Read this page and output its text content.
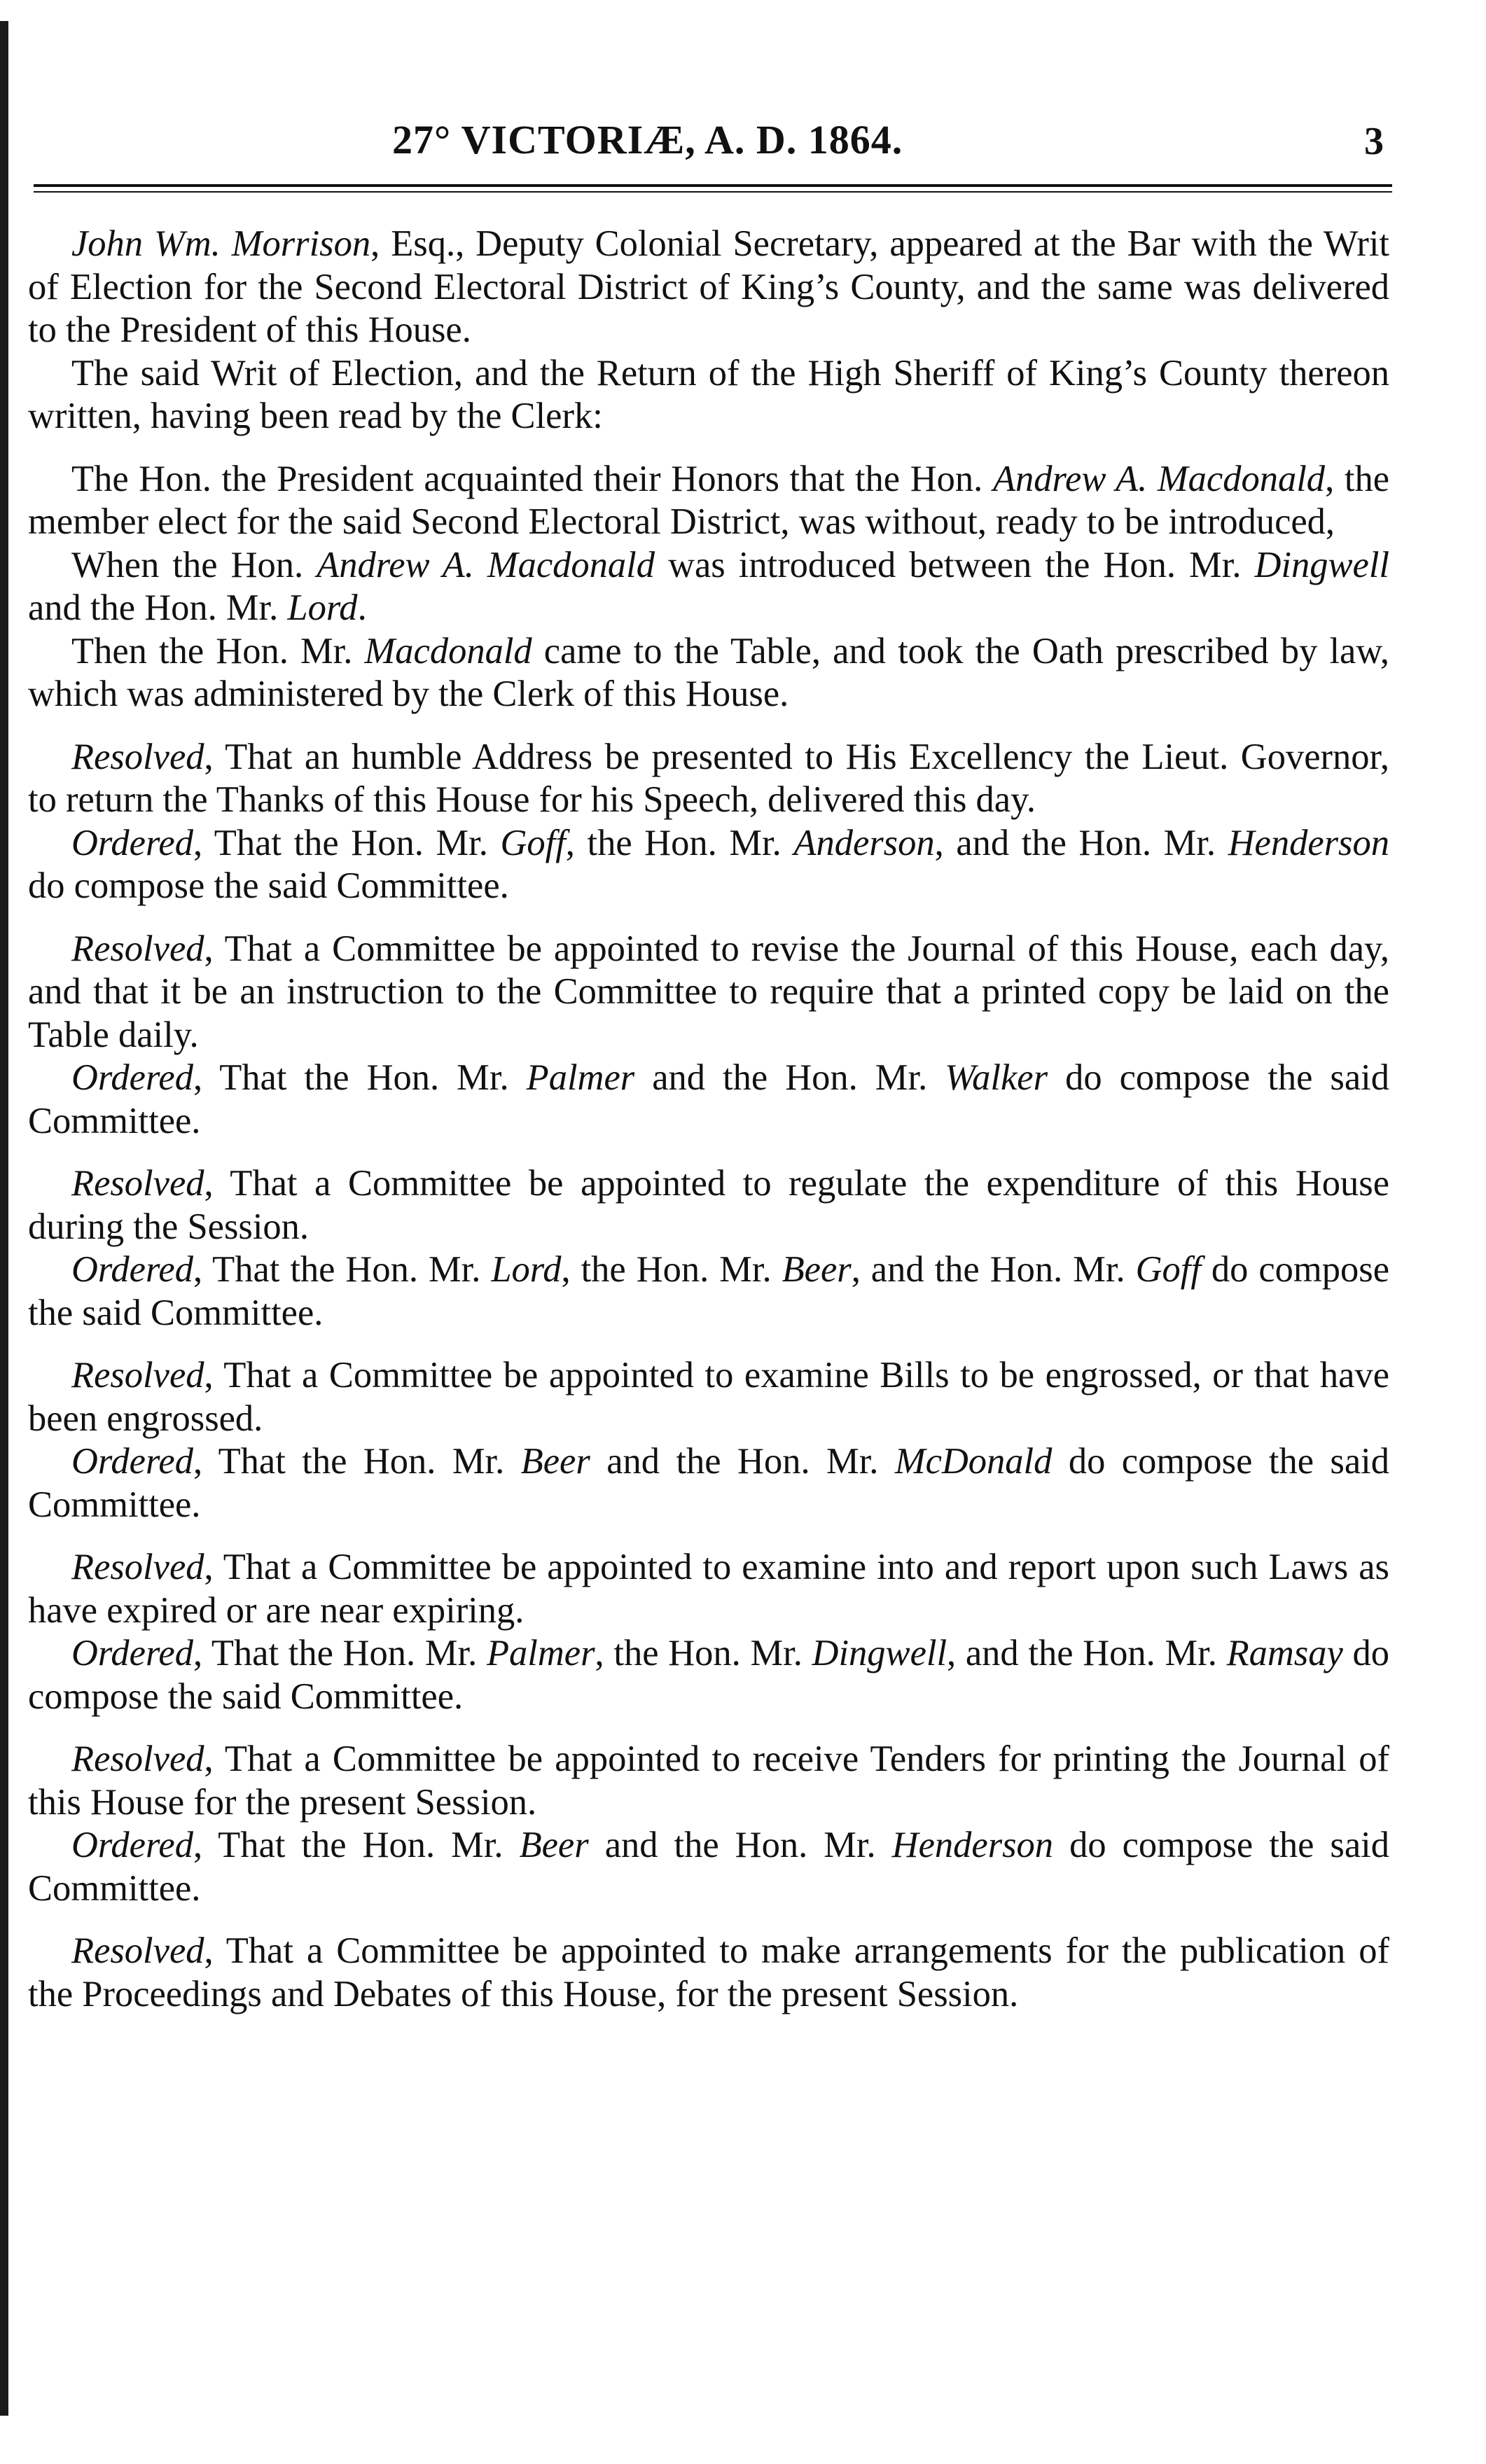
27° VICTORIÆ, A. D. 1864.	3

John Wm. Morrison, Esq., Deputy Colonial Secretary, appeared at the Bar with the Writ of Election for the Second Electoral District of King’s County, and the same was delivered to the President of this House.

The said Writ of Election, and the Return of the High Sheriff of King’s County thereon written, having been read by the Clerk:

The Hon. the President acquainted their Honors that the Hon. Andrew A. Macdonald, the member elect for the said Second Electoral District, was without, ready to be introduced,

When the Hon. Andrew A. Macdonald was introduced between the Hon. Mr. Dingwell and the Hon. Mr. Lord.

Then the Hon. Mr. Macdonald came to the Table, and took the Oath prescribed by law, which was administered by the Clerk of this House.

Resolved, That an humble Address be presented to His Excellency the Lieut. Governor, to return the Thanks of this House for his Speech, delivered this day.

Ordered, That the Hon. Mr. Goff, the Hon. Mr. Anderson, and the Hon. Mr. Henderson do compose the said Committee.

Resolved, That a Committee be appointed to revise the Journal of this House, each day, and that it be an instruction to the Committee to require that a printed copy be laid on the Table daily.

Ordered, That the Hon. Mr. Palmer and the Hon. Mr. Walker do compose the said Committee.

Resolved, That a Committee be appointed to regulate the expenditure of this House during the Session.

Ordered, That the Hon. Mr. Lord, the Hon. Mr. Beer, and the Hon. Mr. Goff do compose the said Committee.

Resolved, That a Committee be appointed to examine Bills to be engrossed, or that have been engrossed.

Ordered, That the Hon. Mr. Beer and the Hon. Mr. McDonald do compose the said Committee.

Resolved, That a Committee be appointed to examine into and report upon such Laws as have expired or are near expiring.

Ordered, That the Hon. Mr. Palmer, the Hon. Mr. Dingwell, and the Hon. Mr. Ramsay do compose the said Committee.

Resolved, That a Committee be appointed to receive Tenders for printing the Journal of this House for the present Session.

Ordered, That the Hon. Mr. Beer and the Hon. Mr. Henderson do compose the said Committee.

Resolved, That a Committee be appointed to make arrangements for the publication of the Proceedings and Debates of this House, for the present Session.
